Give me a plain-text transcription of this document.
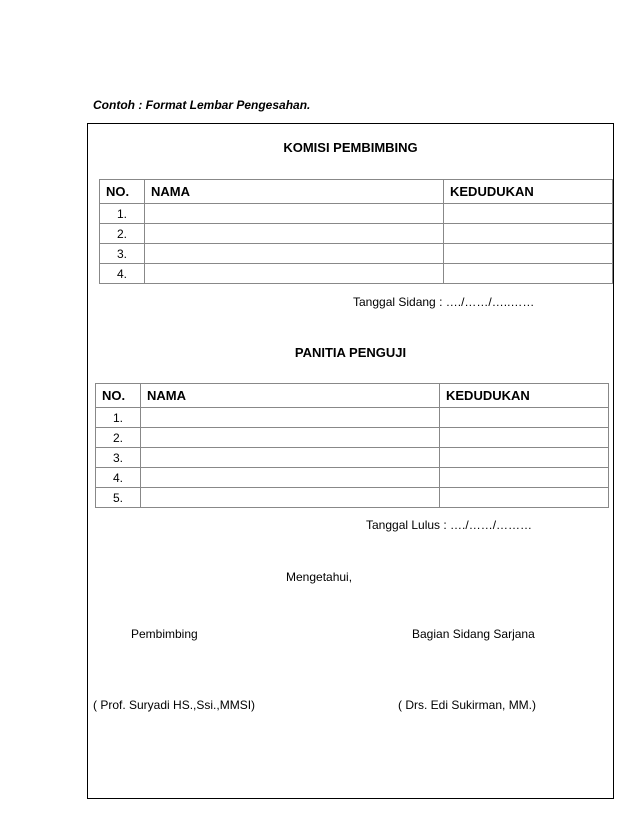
Contoh : Format Lembar Pengesahan.
KOMISI PEMBIMBING
NO.	NAMA	KEDUDUKAN
1.		
2.		
3.		
4.		
Tanggal Sidang : …./……/…..……
PANITIA PENGUJI
NO.	NAMA	KEDUDUKAN
1.		
2.		
3.		
4.		
5.		
Tanggal Lulus : …./……/………
Mengetahui,
Pembimbing	Bagian Sidang Sarjana
( Prof. Suryadi HS.,Ssi.,MMSI)	( Drs. Edi Sukirman, MM.)
